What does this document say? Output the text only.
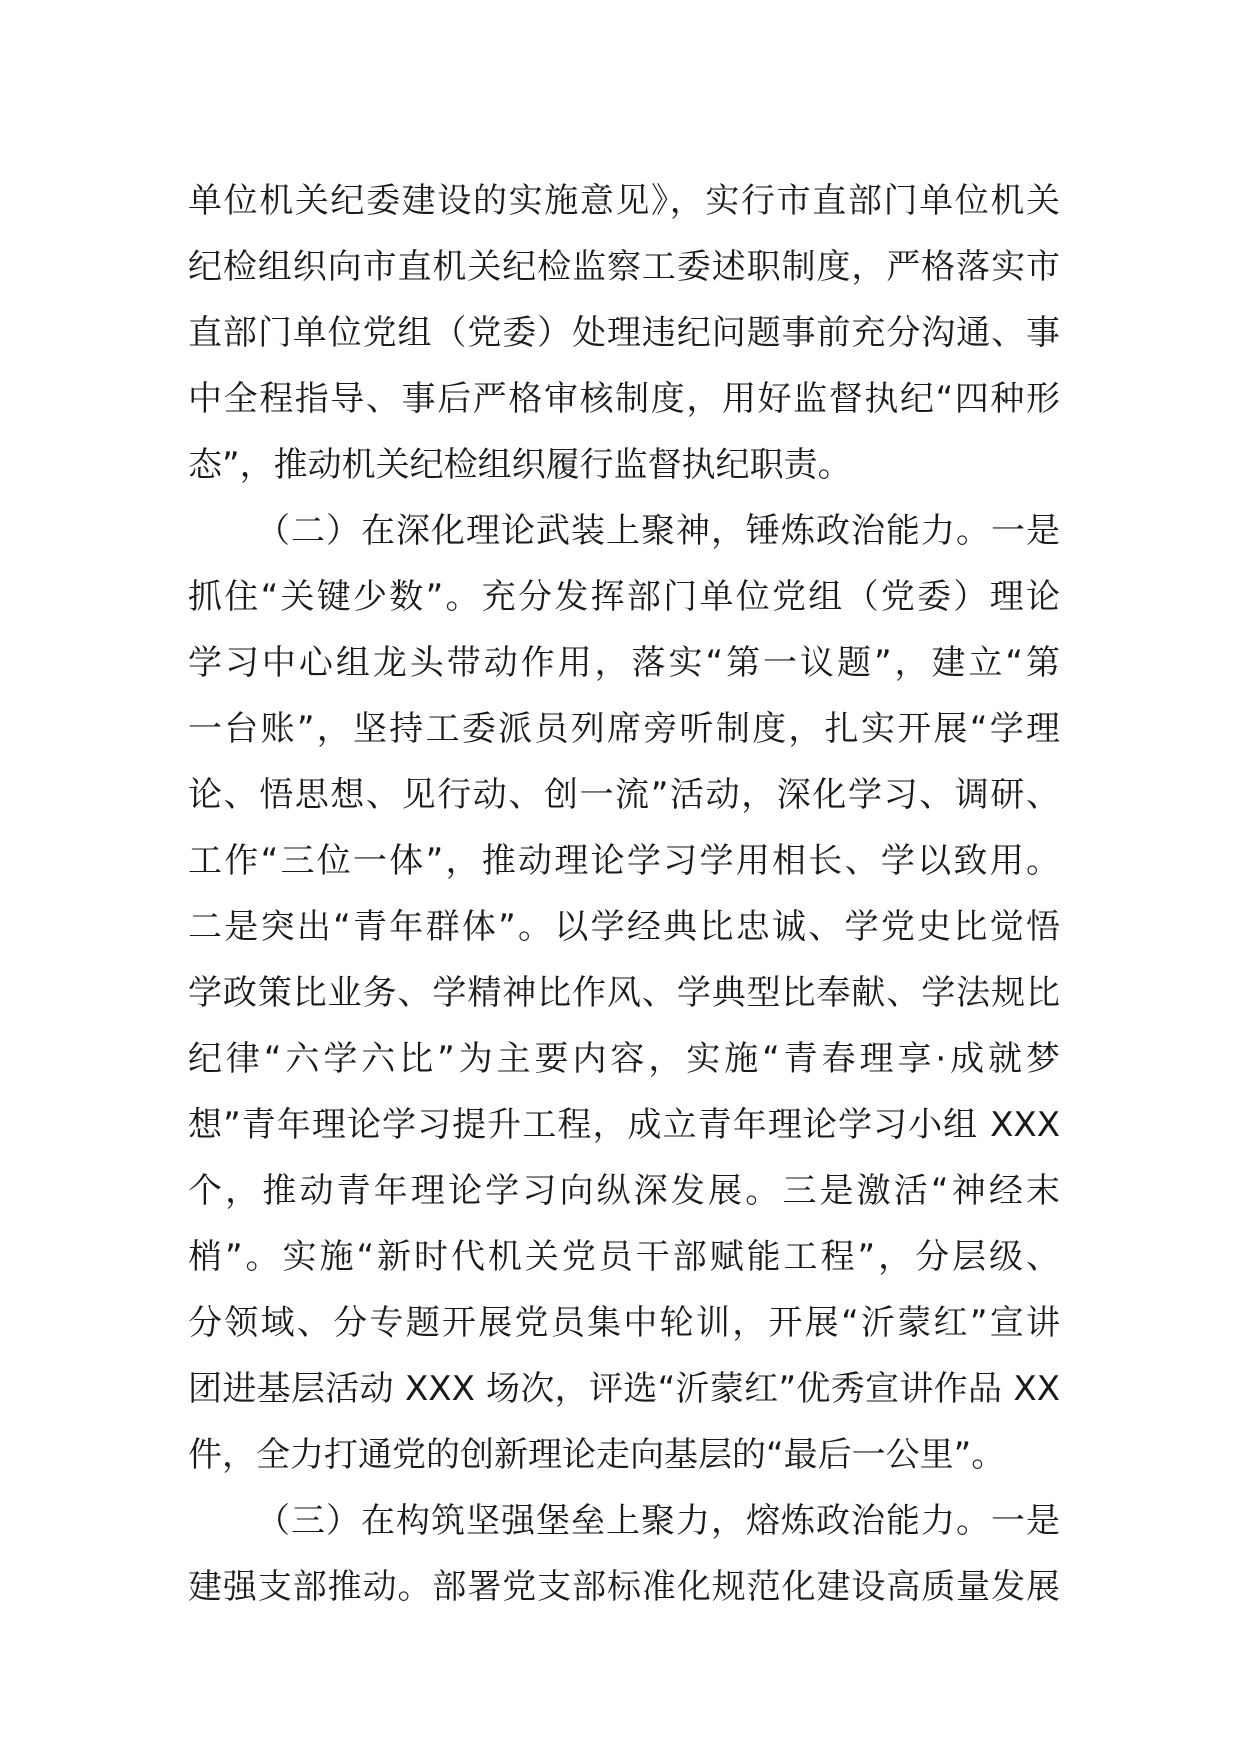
单位机关纪委建设的实施意见》，实行市直部门单位机关
纪检组织向市直机关纪检监察工委述职制度，严格落实市
直部门单位党组（党委）处理违纪问题事前充分沟通、事
中全程指导、事后严格审核制度，用好监督执纪“四种形
态”，推动机关纪检组织履行监督执纪职责。
（二）在深化理论武装上聚神，锤炼政治能力。一是
抓住“关键少数”。充分发挥部门单位党组（党委）理论
学习中心组龙头带动作用，落实“第一议题”，建立“第
一台账”，坚持工委派员列席旁听制度，扎实开展“学理
论、悟思想、见行动、创一流”活动，深化学习、调研、
工作“三位一体”，推动理论学习学用相长、学以致用。
二是突出“青年群体”。以学经典比忠诚、学党史比觉悟
学政策比业务、学精神比作风、学典型比奉献、学法规比
纪律“六学六比”为主要内容，实施“青春理享·成就梦
想”青年理论学习提升工程，成立青年理论学习小组 XXX
个，推动青年理论学习向纵深发展。三是激活“神经末
梢”。实施“新时代机关党员干部赋能工程”，分层级、
分领域、分专题开展党员集中轮训，开展“沂蒙红”宣讲
团进基层活动 XXX 场次，评选“沂蒙红”优秀宣讲作品 XX
件，全力打通党的创新理论走向基层的“最后一公里”。
（三）在构筑坚强堡垒上聚力，熔炼政治能力。一是
建强支部推动。部署党支部标准化规范化建设高质量发展
